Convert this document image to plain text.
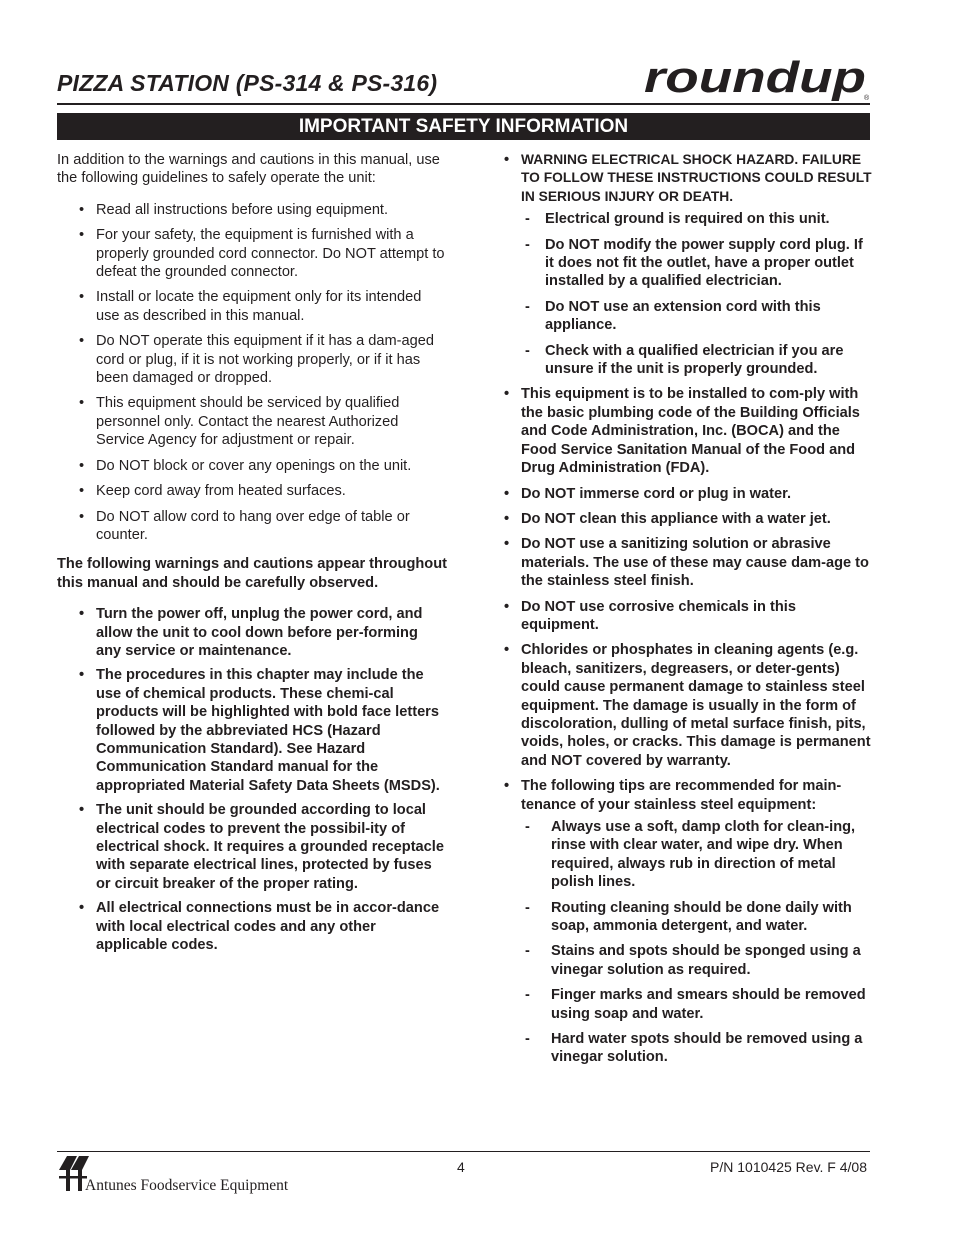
PIZZA STATION (PS-314 & PS-316)	roundup
®
IMPORTANT SAFETY INFORMATION

In addition to the warnings and cautions in this manual, use the following guidelines to safely operate the unit:

• Read all instructions before using equipment.
• For your safety, the equipment is furnished with a properly grounded cord connector. Do NOT attempt to defeat the grounded connector.
• Install or locate the equipment only for its intended use as described in this manual.
• Do NOT operate this equipment if it has a dam-aged cord or plug, if it is not working properly, or if it has been damaged or dropped.
• This equipment should be serviced by qualified personnel only. Contact the nearest Authorized Service Agency for adjustment or repair.
• Do NOT block or cover any openings on the unit.
• Keep cord away from heated surfaces.
• Do NOT allow cord to hang over edge of table or counter.

The following warnings and cautions appear throughout this manual and should be carefully observed.

• Turn the power off, unplug the power cord, and allow the unit to cool down before per-forming any service or maintenance.
• The procedures in this chapter may include the use of chemical products. These chemi-cal products will be highlighted with bold face letters followed by the abbreviated HCS (Hazard Communication Standard). See Hazard Communication Standard manual for the appropriated Material Safety Data Sheets (MSDS).
• The unit should be grounded according to local electrical codes to prevent the possibil-ity of electrical shock. It requires a grounded receptacle with separate electrical lines, protected by fuses or circuit breaker of the proper rating.
• All electrical connections must be in accor-dance with local electrical codes and any other applicable codes.
• WARNING ELECTRICAL SHOCK HAZARD. FAILURE TO FOLLOW THESE INSTRUCTIONS COULD RESULT IN SERIOUS INJURY OR DEATH.
- Electrical ground is required on this unit.
- Do NOT modify the power supply cord plug. If it does not fit the outlet, have a proper outlet installed by a qualified electrician.
- Do NOT use an extension cord with this appliance.
- Check with a qualified electrician if you are unsure if the unit is properly grounded.
• This equipment is to be installed to com-ply with the basic plumbing code of the Building Officials and Code Administration, Inc. (BOCA) and the Food Service Sanitation Manual of the Food and Drug Administration (FDA).
• Do NOT immerse cord or plug in water.
• Do NOT clean this appliance with a water jet.
• Do NOT use a sanitizing solution or abrasive materials. The use of these may cause dam-age to the stainless steel finish.
• Do NOT use corrosive chemicals in this equipment.
• Chlorides or phosphates in cleaning agents (e.g. bleach, sanitizers, degreasers, or deter-gents) could cause permanent damage to stainless steel equipment. The damage is usually in the form of discoloration, dulling of metal surface finish, pits, voids, holes, or cracks. This damage is permanent and NOT covered by warranty.
• The following tips are recommended for main-tenance of your stainless steel equipment:
- Always use a soft, damp cloth for clean-ing, rinse with clear water, and wipe dry. When required, always rub in direction of metal polish lines.
- Routing cleaning should be done daily with soap, ammonia detergent, and water.
- Stains and spots should be sponged using a vinegar solution as required.
- Finger marks and smears should be removed using soap and water.
- Hard water spots should be removed using a vinegar solution.
Antunes Foodservice Equipment
4	P/N 1010425 Rev. F 4/08
